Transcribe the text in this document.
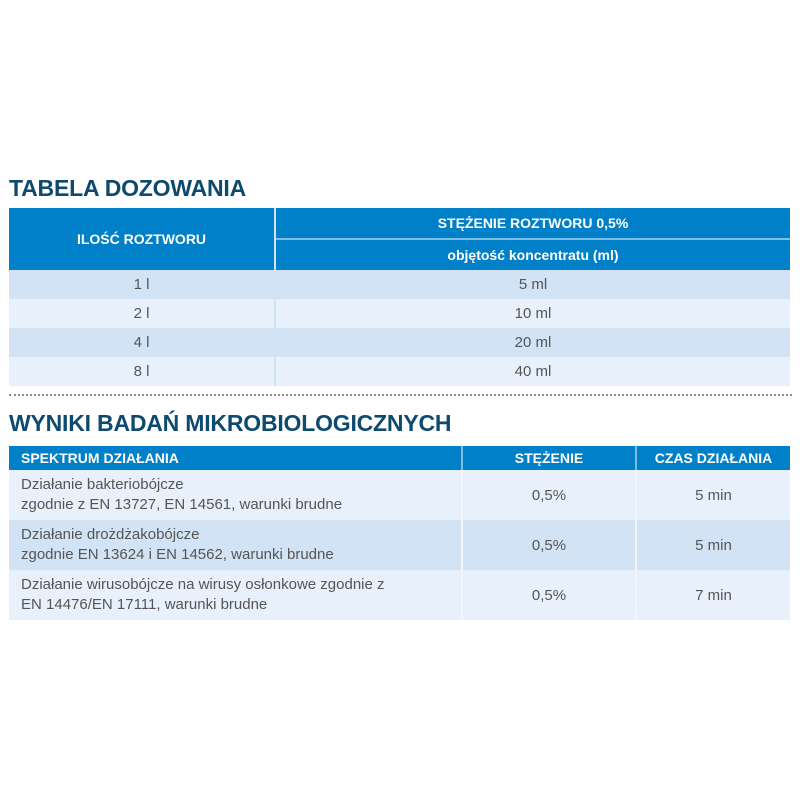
TABELA DOZOWANIA
ILOŚĆ ROZTWORU	STĘŻENIE ROZTWORU 0,5%
	objętość koncentratu (ml)
1 l	5 ml
2 l	10 ml
4 l	20 ml
8 l	40 ml
WYNIKI BADAŃ MIKROBIOLOGICZNYCH
SPEKTRUM DZIAŁANIA	STĘŻENIE	CZAS DZIAŁANIA

Działanie bakteriobójcze
zgodnie z EN 13727, EN 14561, warunki brudne	0,5%	5 min

Działanie drożdżakobójcze
zgodnie EN 13624 i EN 14562, warunki brudne	0,5%	5 min

Działanie wirusobójcze na wirusy osłonkowe zgodnie z
EN 14476/EN 17111, warunki brudne	0,5%	7 min
